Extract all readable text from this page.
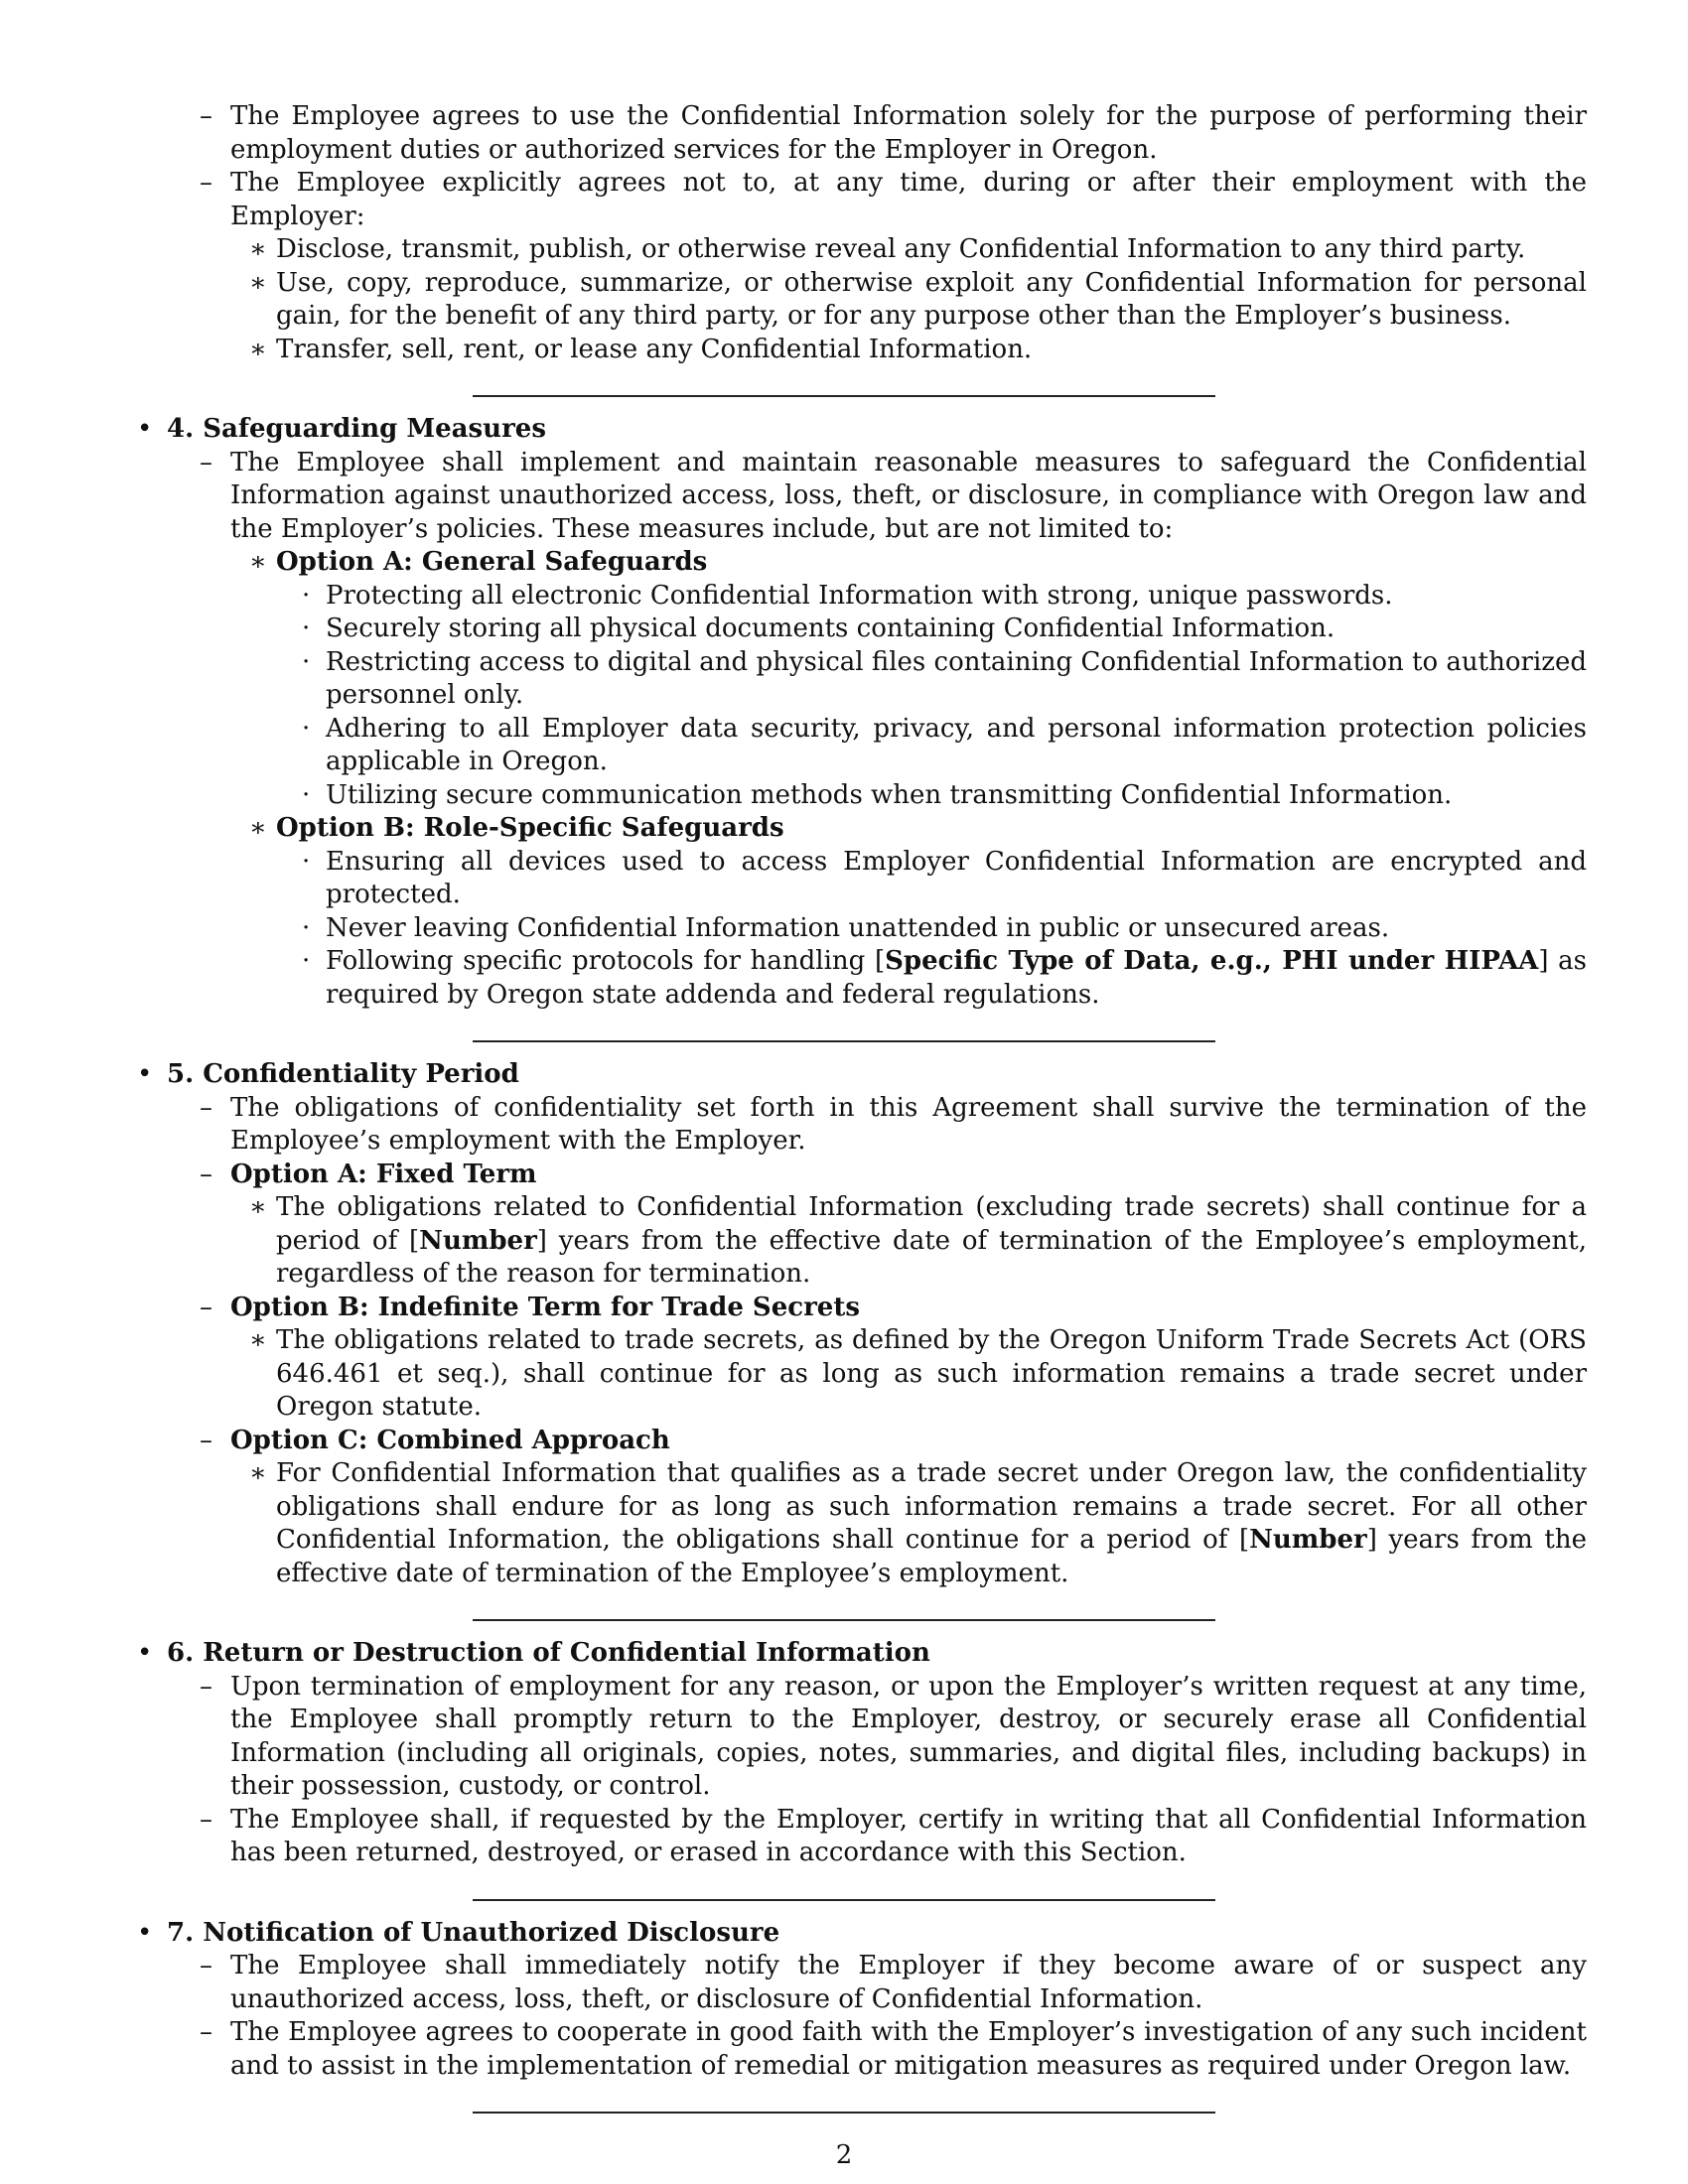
– The Employee agrees to use the Confidential Information solely for the purpose of performing their employment duties or authorized services for the Employer in Oregon.

– The Employee explicitly agrees not to, at any time, during or after their employment with the Employer:

∗ Disclose, transmit, publish, or otherwise reveal any Confidential Information to any third party.

∗ Use, copy, reproduce, summarize, or otherwise exploit any Confidential Information for personal gain, for the benefit of any third party, or for any purpose other than the Employer’s business.

∗ Transfer, sell, rent, or lease any Confidential Information.

• 4. Safeguarding Measures

– The Employee shall implement and maintain reasonable measures to safeguard the Confidential Information against unauthorized access, loss, theft, or disclosure, in compliance with Oregon law and the Employer’s policies. These measures include, but are not limited to:

∗ Option A: General Safeguards

· Protecting all electronic Confidential Information with strong, unique passwords.

· Securely storing all physical documents containing Confidential Information.

· Restricting access to digital and physical files containing Confidential Information to authorized personnel only.

· Adhering to all Employer data security, privacy, and personal information protection policies applicable in Oregon.

· Utilizing secure communication methods when transmitting Confidential Information.

∗ Option B: Role-Specific Safeguards

· Ensuring all devices used to access Employer Confidential Information are encrypted and protected.

· Never leaving Confidential Information unattended in public or unsecured areas.

· Following specific protocols for handling [Specific Type of Data, e.g., PHI under HIPAA] as required by Oregon state addenda and federal regulations.

• 5. Confidentiality Period

– The obligations of confidentiality set forth in this Agreement shall survive the termination of the Employee’s employment with the Employer.

– Option A: Fixed Term

∗ The obligations related to Confidential Information (excluding trade secrets) shall continue for a period of [Number] years from the effective date of termination of the Employee’s employment, regardless of the reason for termination.

– Option B: Indefinite Term for Trade Secrets

∗ The obligations related to trade secrets, as defined by the Oregon Uniform Trade Secrets Act (ORS 646.461 et seq.), shall continue for as long as such information remains a trade secret under Oregon statute.

– Option C: Combined Approach

∗ For Confidential Information that qualifies as a trade secret under Oregon law, the confidentiality obligations shall endure for as long as such information remains a trade secret. For all other Confidential Information, the obligations shall continue for a period of [Number] years from the effective date of termination of the Employee’s employment.

• 6. Return or Destruction of Confidential Information

– Upon termination of employment for any reason, or upon the Employer’s written request at any time, the Employee shall promptly return to the Employer, destroy, or securely erase all Confidential Information (including all originals, copies, notes, summaries, and digital files, including backups) in their possession, custody, or control.

– The Employee shall, if requested by the Employer, certify in writing that all Confidential Information has been returned, destroyed, or erased in accordance with this Section.

• 7. Notification of Unauthorized Disclosure

– The Employee shall immediately notify the Employer if they become aware of or suspect any unauthorized access, loss, theft, or disclosure of Confidential Information.

– The Employee agrees to cooperate in good faith with the Employer’s investigation of any such incident and to assist in the implementation of remedial or mitigation measures as required under Oregon law.

2
